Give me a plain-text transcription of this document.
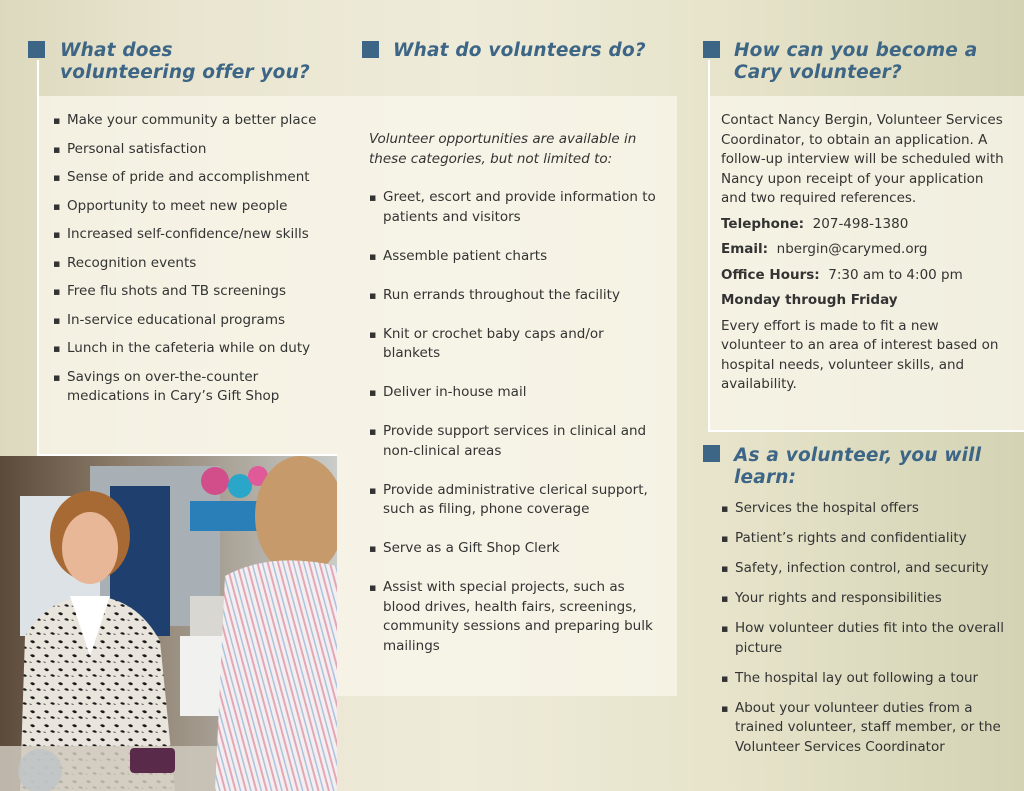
What does volunteering offer you?
▪ Make your community a better place
▪ Personal satisfaction
▪ Sense of pride and accomplishment
▪ Opportunity to meet new people
▪ Increased self-confidence/new skills
▪ Recognition events
▪ Free flu shots and TB screenings
▪ In-service educational programs
▪ Lunch in the cafeteria while on duty
▪ Savings on over-the-counter medications in Cary’s Gift Shop
What do volunteers do?
Volunteer opportunities are available in these categories, but not limited to:
▪ Greet, escort and provide information to patients and visitors
▪ Assemble patient charts
▪ Run errands throughout the facility
▪ Knit or crochet baby caps and/or blankets
▪ Deliver in-house mail
▪ Provide support services in clinical and non-clinical areas
▪ Provide administrative clerical support, such as filing, phone coverage
▪ Serve as a Gift Shop Clerk
▪ Assist with special projects, such as blood drives, health fairs, screenings, community sessions and preparing bulk mailings
How can you become a Cary volunteer?

Contact Nancy Bergin, Volunteer Services Coordinator, to obtain an application. A follow-up interview will be scheduled with Nancy upon receipt of your application and two required references.

Telephone: 207-498-1380

Email: nbergin@carymed.org

Office Hours: 7:30 am to 4:00 pm

Monday through Friday

Every effort is made to fit a new volunteer to an area of interest based on hospital needs, volunteer skills, and availability.

As a volunteer, you will learn:
▪ Services the hospital offers
▪ Patient’s rights and confidentiality
▪ Safety, infection control, and security
▪ Your rights and responsibilities
▪ How volunteer duties fit into the overall picture
▪ The hospital lay out following a tour
▪ About your volunteer duties from a trained volunteer, staff member, or the Volunteer Services Coordinator
